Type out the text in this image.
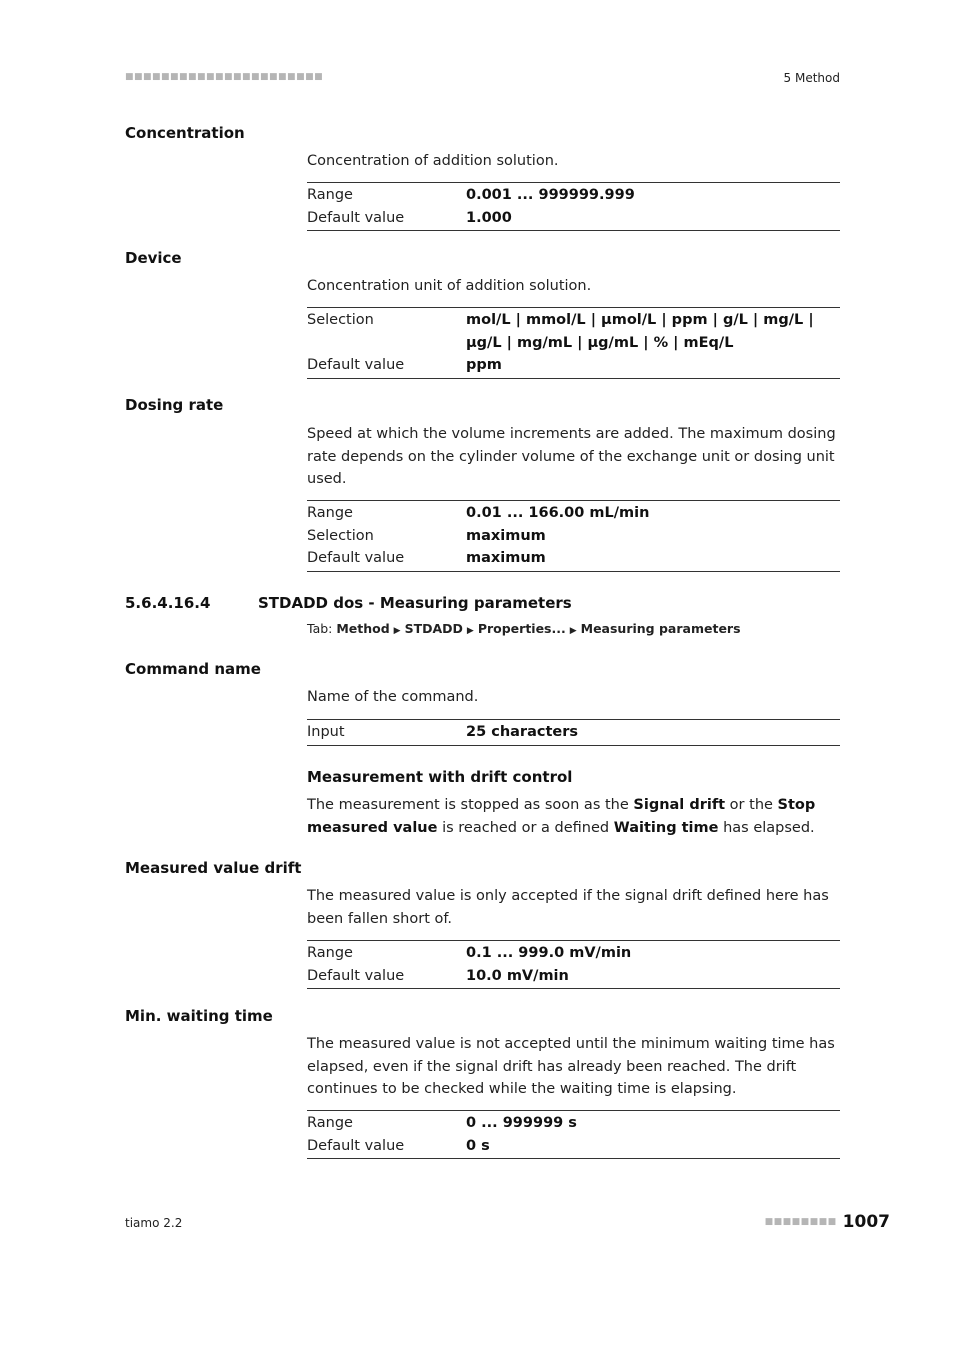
■■■■■■■■■■■■■■■■■■■■■■	5 Method
Concentration
Concentration of addition solution.
Range	0.001 ... 999999.999
Default value	1.000
Device
Concentration unit of addition solution.
Selection	mol/L | mmol/L | µmol/L | ppm | g/L | mg/L |
µg/L | mg/mL | µg/mL | % | mEq/L
Default value	ppm
Dosing rate
Speed at which the volume increments are added. The maximum dosing rate depends on the cylinder volume of the exchange unit or dosing unit used.
Range	0.01 ... 166.00 mL/min
Selection	maximum
Default value	maximum
5.6.4.16.4	STDADD dos - Measuring parameters
Tab: Method ▶ STDADD ▶ Properties... ▶ Measuring parameters
Command name
Name of the command.
Input	25 characters
Measurement with drift control
The measurement is stopped as soon as the Signal drift or the Stop measured value is reached or a defined Waiting time has elapsed.
Measured value drift
The measured value is only accepted if the signal drift defined here has been fallen short of.
Range	0.1 ... 999.0 mV/min
Default value	10.0 mV/min
Min. waiting time
The measured value is not accepted until the minimum waiting time has elapsed, even if the signal drift has already been reached. The drift continues to be checked while the waiting time is elapsing.
Range	0 ... 999999 s
Default value	0 s
tiamo 2.2	■■■■■■■■ 1007
